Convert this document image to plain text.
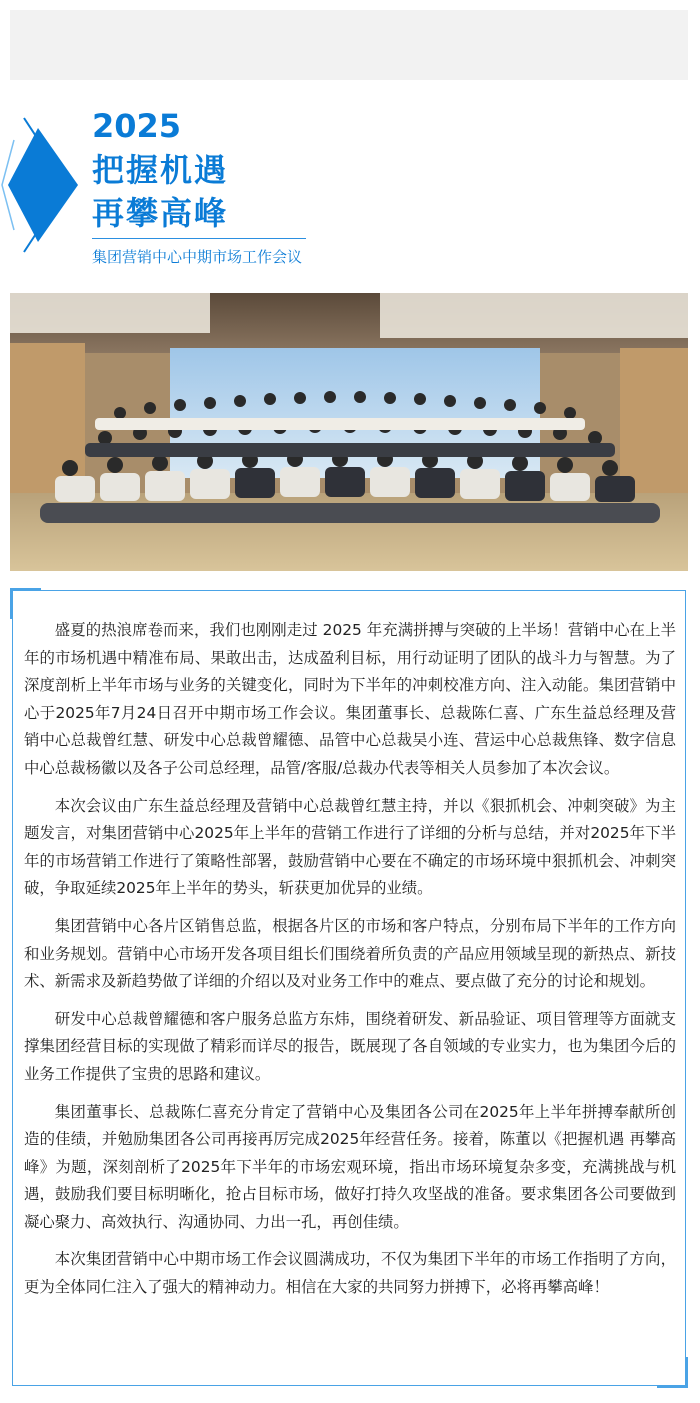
2025
把握机遇
再攀高峰
集团营销中心中期市场工作会议

盛夏的热浪席卷而来，我们也刚刚走过 2025 年充满拼搏与突破的上半场！营销中心在上半年的市场机遇中精准布局、果敢出击，达成盈利目标，用行动证明了团队的战斗力与智慧。为了深度剖析上半年市场与业务的关键变化，同时为下半年的冲刺校准方向、注入动能。集团营销中心于2025年7月24日召开中期市场工作会议。集团董事长、总裁陈仁喜、广东生益总经理及营销中心总裁曾红慧、研发中心总裁曾耀德、品管中心总裁吴小连、营运中心总裁焦锋、数字信息中心总裁杨徽以及各子公司总经理，品管/客服/总裁办代表等相关人员参加了本次会议。

本次会议由广东生益总经理及营销中心总裁曾红慧主持，并以《狠抓机会、冲刺突破》为主题发言，对集团营销中心2025年上半年的营销工作进行了详细的分析与总结，并对2025年下半年的市场营销工作进行了策略性部署，鼓励营销中心要在不确定的市场环境中狠抓机会、冲刺突破，争取延续2025年上半年的势头，斩获更加优异的业绩。

集团营销中心各片区销售总监，根据各片区的市场和客户特点，分别布局下半年的工作方向和业务规划。营销中心市场开发各项目组长们围绕着所负责的产品应用领域呈现的新热点、新技术、新需求及新趋势做了详细的介绍以及对业务工作中的难点、要点做了充分的讨论和规划。

研发中心总裁曾耀德和客户服务总监方东炜，围绕着研发、新品验证、项目管理等方面就支撑集团经营目标的实现做了精彩而详尽的报告，既展现了各自领域的专业实力，也为集团今后的业务工作提供了宝贵的思路和建议。

集团董事长、总裁陈仁喜充分肯定了营销中心及集团各公司在2025年上半年拼搏奉献所创造的佳绩，并勉励集团各公司再接再厉完成2025年经营任务。接着，陈董以《把握机遇 再攀高峰》为题，深刻剖析了2025年下半年的市场宏观环境，指出市场环境复杂多变，充满挑战与机遇，鼓励我们要目标明晰化，抢占目标市场，做好打持久攻坚战的准备。要求集团各公司要做到凝心聚力、高效执行、沟通协同、力出一孔，再创佳绩。

本次集团营销中心中期市场工作会议圆满成功，不仅为集团下半年的市场工作指明了方向，更为全体同仁注入了强大的精神动力。相信在大家的共同努力拼搏下，必将再攀高峰！
